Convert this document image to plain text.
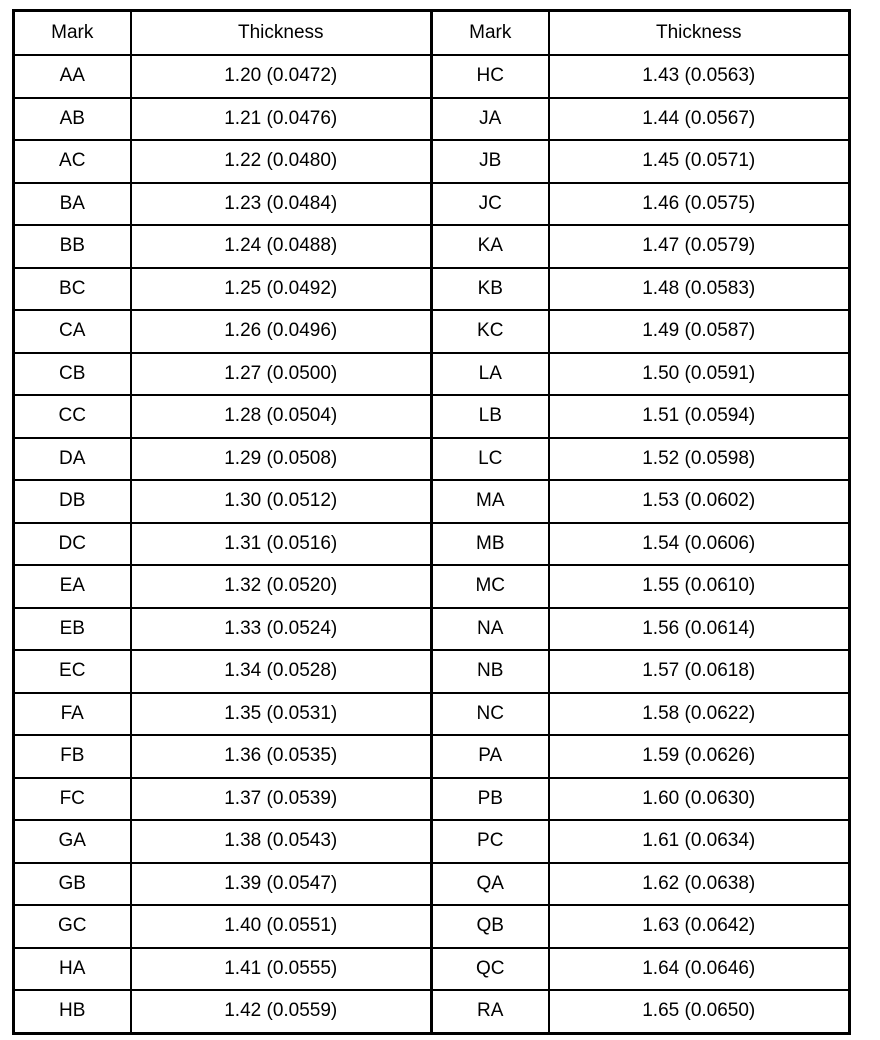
Mark	Thickness	Mark	Thickness
AA	1.20 (0.0472)	HC	1.43 (0.0563)
AB	1.21 (0.0476)	JA	1.44 (0.0567)
AC	1.22 (0.0480)	JB	1.45 (0.0571)
BA	1.23 (0.0484)	JC	1.46 (0.0575)
BB	1.24 (0.0488)	KA	1.47 (0.0579)
BC	1.25 (0.0492)	KB	1.48 (0.0583)
CA	1.26 (0.0496)	KC	1.49 (0.0587)
CB	1.27 (0.0500)	LA	1.50 (0.0591)
CC	1.28 (0.0504)	LB	1.51 (0.0594)
DA	1.29 (0.0508)	LC	1.52 (0.0598)
DB	1.30 (0.0512)	MA	1.53 (0.0602)
DC	1.31 (0.0516)	MB	1.54 (0.0606)
EA	1.32 (0.0520)	MC	1.55 (0.0610)
EB	1.33 (0.0524)	NA	1.56 (0.0614)
EC	1.34 (0.0528)	NB	1.57 (0.0618)
FA	1.35 (0.0531)	NC	1.58 (0.0622)
FB	1.36 (0.0535)	PA	1.59 (0.0626)
FC	1.37 (0.0539)	PB	1.60 (0.0630)
GA	1.38 (0.0543)	PC	1.61 (0.0634)
GB	1.39 (0.0547)	QA	1.62 (0.0638)
GC	1.40 (0.0551)	QB	1.63 (0.0642)
HA	1.41 (0.0555)	QC	1.64 (0.0646)
HB	1.42 (0.0559)	RA	1.65 (0.0650)
